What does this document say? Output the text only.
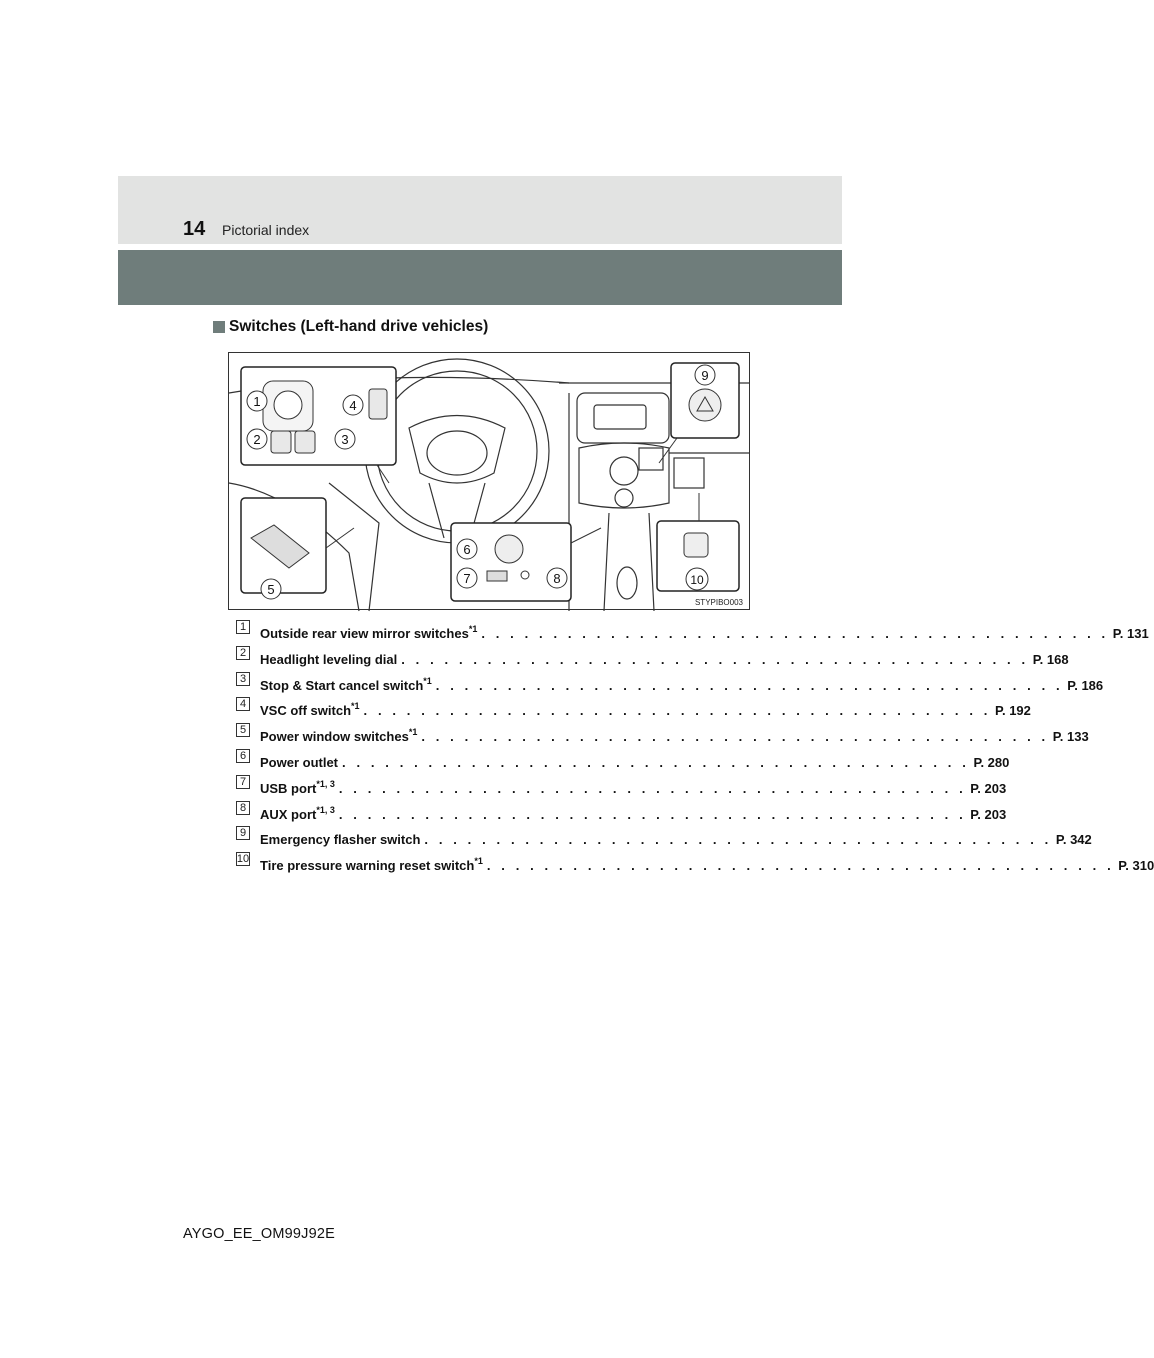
14 Pictorial index
Switches (Left-hand drive vehicles)
1
2	3
4
5
6
7	8
9
10
STYPIBO003
1	Outside rear view mirror switches$^{*1}$ . . . . . . . . . . . . . . . . . . . . . . . . . . . . . . . . . . . . . . . . . . . . P. 131
2	Headlight leveling dial . . . . . . . . . . . . . . . . . . . . . . . . . . . . . . . . . . . . . . . . . . . . P. 168
3	Stop & Start cancel switch$^{*1}$ . . . . . . . . . . . . . . . . . . . . . . . . . . . . . . . . . . . . . . . . . . . . P. 186
4	VSC off switch$^{*1}$ . . . . . . . . . . . . . . . . . . . . . . . . . . . . . . . . . . . . . . . . . . . . P. 192
5	Power window switches$^{*1}$ . . . . . . . . . . . . . . . . . . . . . . . . . . . . . . . . . . . . . . . . . . . . P. 133
6	Power outlet . . . . . . . . . . . . . . . . . . . . . . . . . . . . . . . . . . . . . . . . . . . . P. 280
7	USB port$^{*1, 3}$ . . . . . . . . . . . . . . . . . . . . . . . . . . . . . . . . . . . . . . . . . . . . P. 203
8	AUX port$^{*1, 3}$ . . . . . . . . . . . . . . . . . . . . . . . . . . . . . . . . . . . . . . . . . . . . P. 203
9	Emergency flasher switch . . . . . . . . . . . . . . . . . . . . . . . . . . . . . . . . . . . . . . . . . . . . P. 342
10 Tire pressure warning reset switch$^{*1}$ . . . . . . . . . . . . . . . . . . . . . . . . . . . . . . . . . . . . . . . . . . . . P. 310
AYGO_EE_OM99J92E
